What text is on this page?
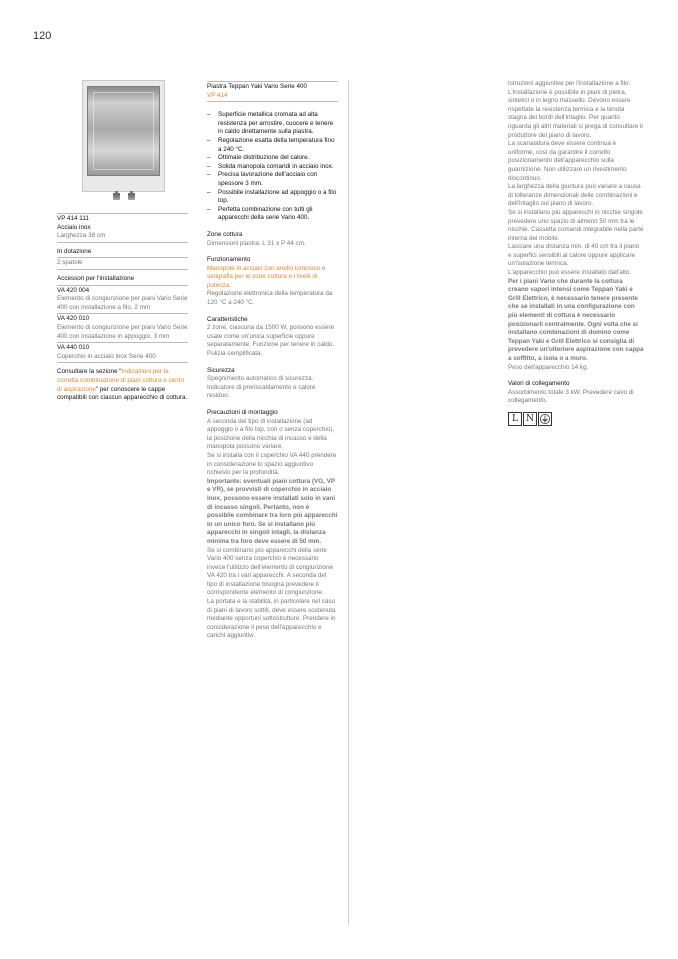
120
VP 414 111
Acciaio inox
Larghezza 38 cm
In dotazione
2 spatole
Accessori per l'installazione
VA 420 004
Elemento di congiunzione per piani Vario Serie 400 con installazione a filo, 2 mm
VA 420 010
Elemento di congiunzione per piani Vario Serie 400 con installazione in appoggio, 3 mm
VA 440 010
Coperchio in acciaio inox Serie 400
Consultare la sezione “Indicazioni per la corretta combinazione di piani cottura e centri di aspirazione” per conoscere le cappe compatibili con ciascun apparecchio di cottura.
Piastra Teppan Yaki Vario Serie 400
VP 414
– Superficie metallica cromata ad alta resistenza per arrostire, cuocere e tenere in caldo direttamente sulla piastra.
– Regolazione esatta della temperatura fino a 240 °C.
– Ottimale distribuzione del calore.
– Solida manopola comandi in acciaio inox.
– Precisa lavorazione dell'acciaio con spessore 3 mm.
– Possibile installazione ad appoggio o a filo top.
– Perfetta combinazione con tutti gli apparecchi della serie Vario 400.
Zone cottura
Dimensioni piastra: L 31 x P 44 cm.
Funzionamento
Manopole in acciaio con anello luminoso e serigrafia per le zone cottura e i livelli di potenza.
Regolazione elettronica della temperatura da 120 °C a 240 °C.
Caratteristiche
2 zone, ciascuna da 1500 W, possono essere usate come un'unica superficie oppure separatamente. Funzione per tenere in caldo. Pulizia semplificata.
Sicurezza
Spegnimento automatico di sicurezza. Indicatore di preriscaldamento e calore residuo.
Precauzioni di montaggio
A seconda del tipo di installazione (ad appoggio o a filo top, con o senza coperchio), la posizione della nicchia di incasso e della manopola possono variare.
Se si installa con il coperchio VA 440 prendere in considerazione lo spazio aggiuntivo richiesto per la profondità.
Importante: eventuali piani cottura (VG, VP e VR), se provvisti di coperchio in acciaio inox, possono essere installati solo in vani di incasso singoli. Pertanto, non è possibile combinare tra loro più apparecchi in un unico foro. Se si installano più apparecchi in singoli intagli, la distanza minima tra loro deve essere di 50 mm.
Se si combinano più apparecchi della serie Vario 400 senza coperchio è necessario invece l'utilizzo dell'elemento di congiunzione VA 420 tra i vari apparecchi. A seconda del tipo di installazione bisogna prevedere il corrispondente elemento di congiunzione.
La portata e la stabilità, in particolare nel caso di piani di lavoro sottili, deve essere sostenuta mediante opportuni sottostrutture. Prendere in considerazione il peso dell'apparecchio e carichi aggiuntivi.
Istruzioni aggiuntive per l'installazione a filo:
L'installazione è possibile in piani di pietra, sintetici o in legno massello. Devono essere rispettate la resistenza termica e la tenuta stagna dei bordi dell'intaglio. Per quanto riguarda gli altri materiali si prega di consultare il produttore del piano di lavoro.
La scanalatura deve essere continua e uniforme, così da garantire il corretto posizionamento dell'apparecchio sulla guarnizione. Non utilizzare un rivestimento discontinuo.
La larghezza della giuntura può variare a causa di tolleranze dimensionali delle combinazioni e dell'intaglio sul piano di lavoro.
Se si installano più apparecchi in nicchie singole prevedere uno spazio di almeno 50 mm tra le nicchie. Cassetta comandi integrabile nella parte interna del mobile.
Lasciare una distanza min. di 40 cm tra il piano e superfici sensibili al calore oppure applicare un'isolazione termica.
L'apparecchio può essere installato dall'alto.
Per i piani Vario che durante la cottura creano vapori intensi come Teppan Yaki e Grill Elettrico, è necessario tenere presente che se installati in una configurazione con più elementi di cottura è necessario posizionarli centralmente. Ogni volta che si installano combinazioni di domino come Teppan Yaki e Grill Elettrico si consiglia di prevedere un'ulteriore aspirazione con cappa a soffitto, a isola o a muro.
Peso dell'apparecchio 14 kg.
Valori di collegamento
Assorbimento totale 3 kW. Prevedere cavo di collegamento.
L N
